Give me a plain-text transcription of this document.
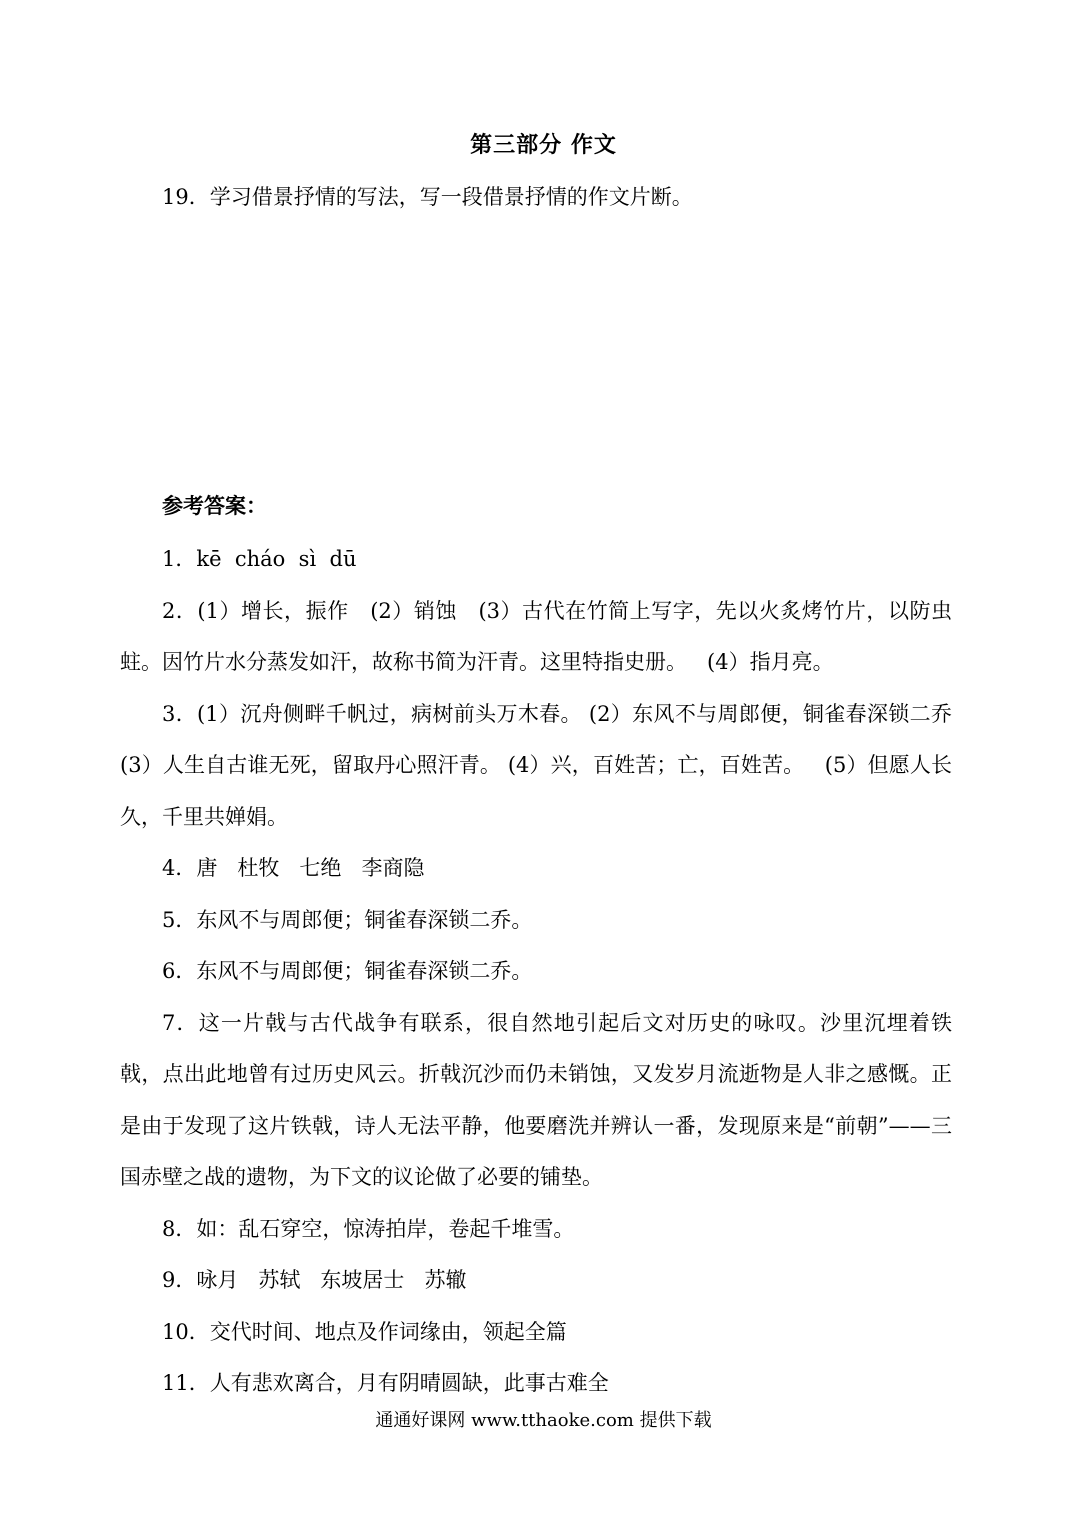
第三部分 作文
19．学习借景抒情的写法，写一段借景抒情的作文片断。
参考答案：

1．kē  cháo  sì  dū

2．(1）增长，振作   (2）销蚀   (3）古代在竹简上写字，先以火炙烤竹片，以防虫蛀。因竹片水分蒸发如汗，故称书简为汗青。这里特指史册。   (4）指月亮。

3．(1）沉舟侧畔千帆过，病树前头万木春。 (2）东风不与周郎便，铜雀春深锁二乔   (3）人生自古谁无死，留取丹心照汗青。 (4）兴，百姓苦；亡，百姓苦。   (5）但愿人长久，千里共婵娟。

4．唐   杜牧   七绝   李商隐

5．东风不与周郎便；铜雀春深锁二乔。

6．东风不与周郎便；铜雀春深锁二乔。

7．这一片戟与古代战争有联系，很自然地引起后文对历史的咏叹。沙里沉埋着铁戟，点出此地曾有过历史风云。折戟沉沙而仍未销蚀，又发岁月流逝物是人非之感慨。正是由于发现了这片铁戟，诗人无法平静，他要磨洗并辨认一番，发现原来是“前朝”——三国赤壁之战的遗物，为下文的议论做了必要的铺垫。

8．如：乱石穿空，惊涛拍岸，卷起千堆雪。

9．咏月   苏轼   东坡居士   苏辙

10．交代时间、地点及作词缘由，领起全篇

11．人有悲欢离合，月有阴晴圆缺，此事古难全

通通好课网 www.tthaoke.com 提供下载
